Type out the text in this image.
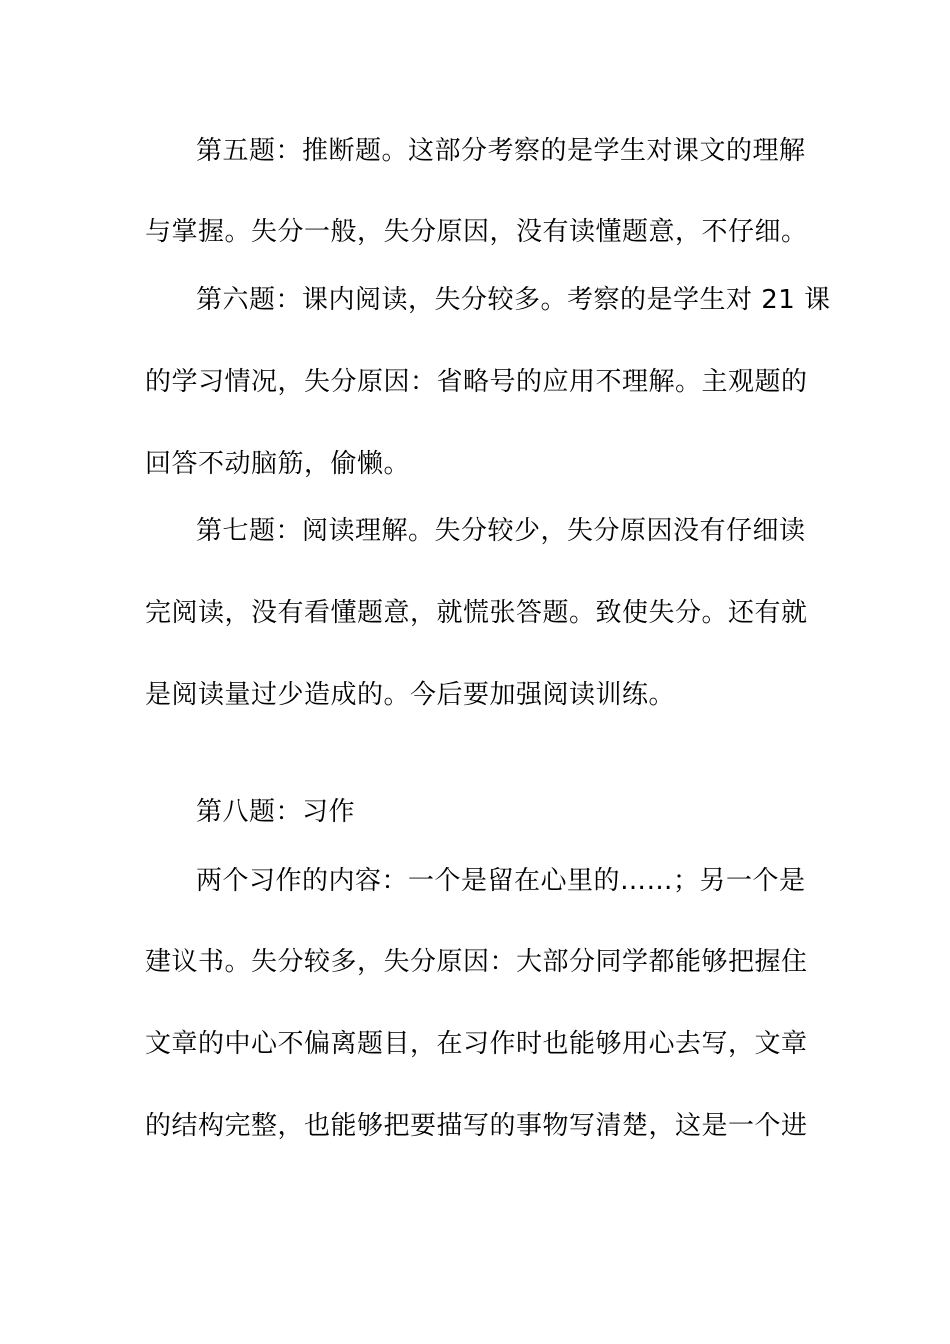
第五题：推断题。这部分考察的是学生对课文的理解
与掌握。失分一般，失分原因，没有读懂题意，不仔细。
第六题：课内阅读，失分较多。考察的是学生对 21 课
的学习情况，失分原因：省略号的应用不理解。主观题的
回答不动脑筋，偷懒。
第七题：阅读理解。失分较少，失分原因没有仔细读
完阅读，没有看懂题意，就慌张答题。致使失分。还有就
是阅读量过少造成的。今后要加强阅读训练。
第八题：习作
两个习作的内容：一个是留在心里的……；另一个是
建议书。失分较多，失分原因：大部分同学都能够把握住
文章的中心不偏离题目，在习作时也能够用心去写，文章
的结构完整，也能够把要描写的事物写清楚，这是一个进
